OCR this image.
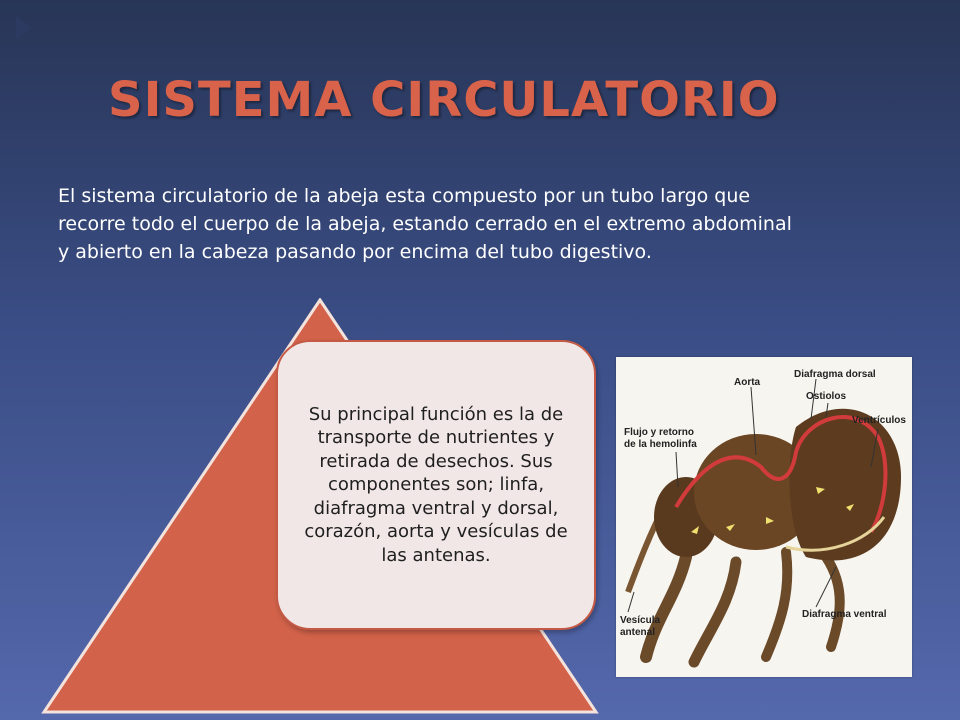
SISTEMA CIRCULATORIO
El sistema circulatorio de la abeja esta compuesto por un tubo largo que recorre todo el cuerpo de la abeja, estando cerrado en el extremo abdominal y abierto en la cabeza pasando por encima del tubo digestivo.
Su principal función es la de transporte de nutrientes y retirada de desechos. Sus componentes son; linfa, diafragma ventral y dorsal, corazón, aorta y vesículas de las antenas.
Aorta
Diafragma dorsal
Ostiolos
Ventrículos
Flujo y retorno
de la hemolinfa
Vesícula
antenal
Diafragma ventral
